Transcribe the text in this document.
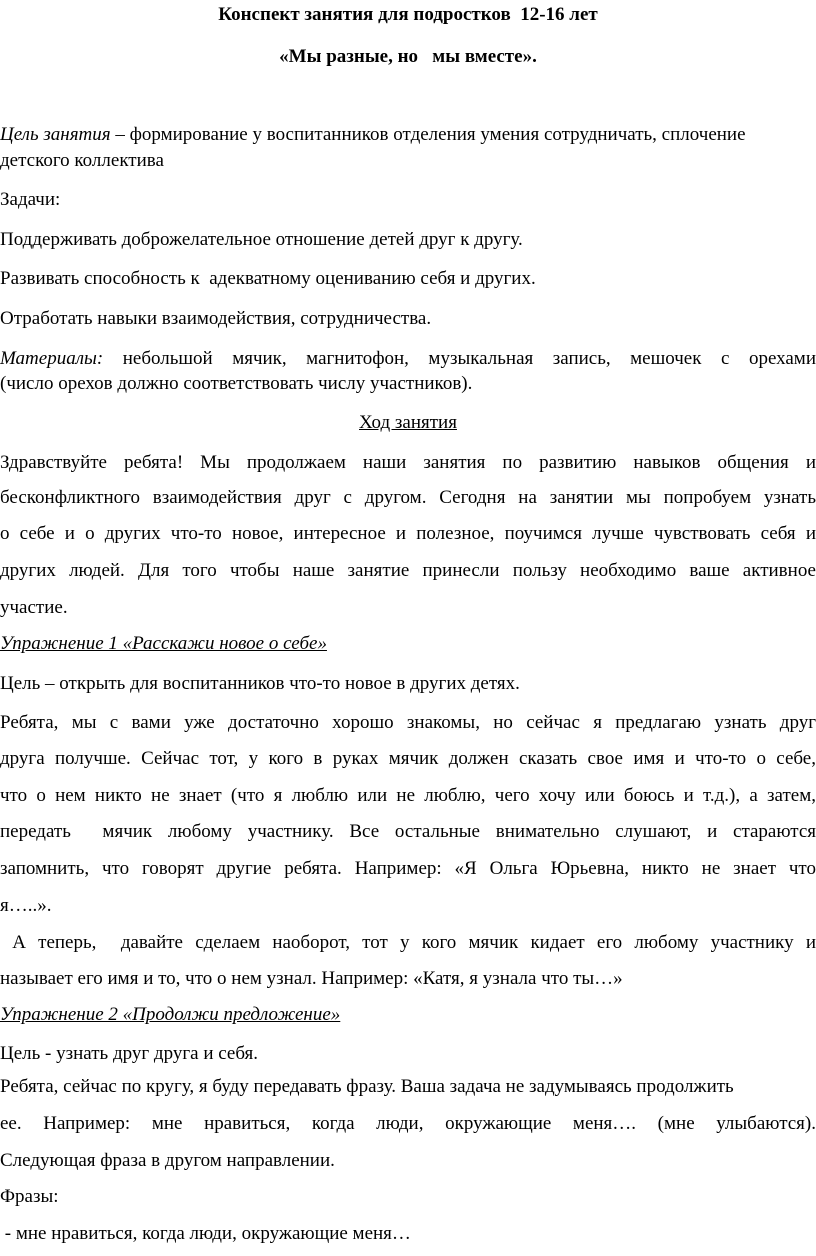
Конспект занятия для подростков  12-16 лет
«Мы разные, но   мы вместе».
Цель занятия – формирование у воспитанников отделения умения сотрудничать, сплочение
детского коллектива
Задачи:
Поддерживать доброжелательное отношение детей друг к другу.
Развивать способность к  адекватному оцениванию себя и других.
Отработать навыки взаимодействия, сотрудничества.
Материалы: небольшой мячик, магнитофон, музыкальная запись, мешочек с орехами
(число орехов должно соответствовать числу участников).
Ход занятия
Здравствуйте ребята! Мы продолжаем наши занятия по развитию навыков общения и
бесконфликтного взаимодействия друг с другом. Сегодня на занятии мы попробуем узнать
о себе и о других что-то новое, интересное и полезное, поучимся лучше чувствовать себя и
других людей. Для того чтобы наше занятие принесли пользу необходимо ваше активное
участие.
Упражнение 1 «Расскажи новое о себе»
Цель – открыть для воспитанников что-то новое в других детях.
Ребята, мы с вами уже достаточно хорошо знакомы, но сейчас я предлагаю узнать друг
друга получше. Сейчас тот, у кого в руках мячик должен сказать свое имя и что-то о себе,
что о нем никто не знает (что я люблю или не люблю, чего хочу или боюсь и т.д.), а затем,
передать  мячик любому участнику. Все остальные внимательно слушают, и стараются
запомнить, что говорят другие ребята. Например: «Я Ольга Юрьевна, никто не знает что
я…..».
А теперь,  давайте сделаем наоборот, тот у кого мячик кидает его любому участнику и
называет его имя и то, что о нем узнал. Например: «Катя, я узнала что ты…»
Упражнение 2 «Продолжи предложение»
Цель - узнать друг друга и себя.
Ребята, сейчас по кругу, я буду передавать фразу. Ваша задача не задумываясь продолжить
ее. Например: мне нравиться, когда люди, окружающие меня…. (мне улыбаются).
Следующая фраза в другом направлении.
Фразы:
- мне нравиться, когда люди, окружающие меня…
